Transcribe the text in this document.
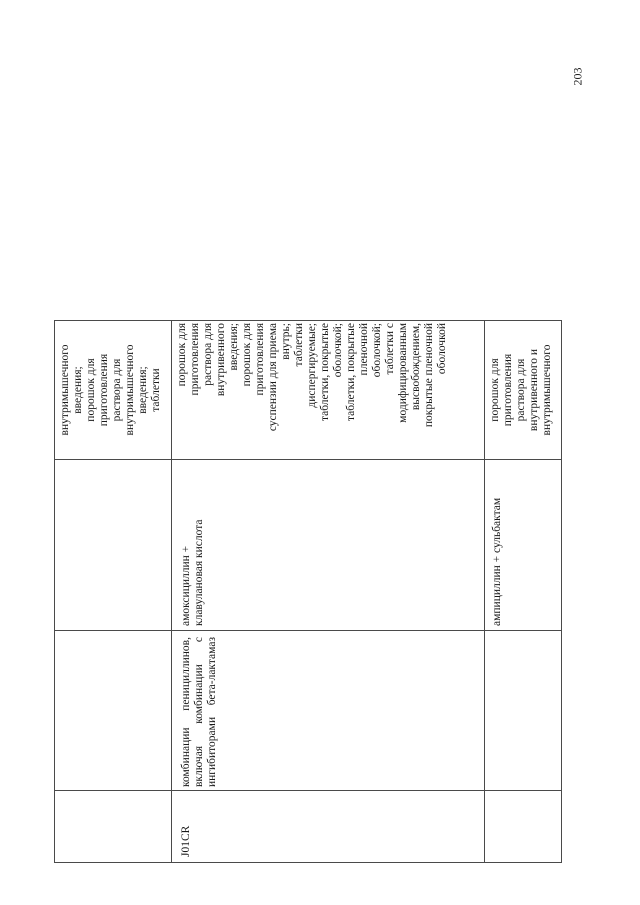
203
внутримышечного
введения;
порошок для
приготовления
раствора для
внутримышечного
введения;
таблетки
J01CR
комбинации пенициллинов, включая комбинации с ингибиторами бета-лактамаз
амоксициллин +
клавулановая кислота
порошок для
приготовления
раствора для
внутривенного
введения;
порошок для
приготовления
суспензии для приема
внутрь;
таблетки
диспергируемые;
таблетки, покрытые
оболочкой;
таблетки, покрытые
пленочной
оболочкой;
таблетки с
модифицированным
высвобождением,
покрытые пленочной
оболочкой
ампициллин + сульбактам
порошок для
приготовления
раствора для
внутривенного и
внутримышечного
